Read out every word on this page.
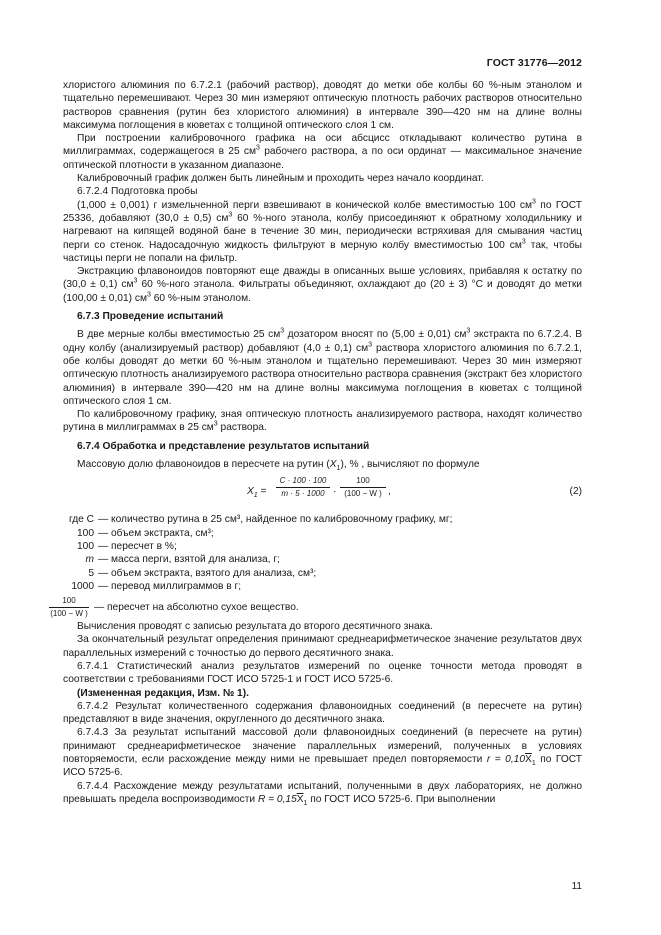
ГОСТ 31776—2012

хлористого алюминия по 6.7.2.1 (рабочий раствор), доводят до метки обе колбы 60 %-ным этанолом и тщательно перемешивают. Через 30 мин измеряют оптическую плотность рабочих растворов относительно растворов сравнения (рутин без хлористого алюминия) в интервале 390—420 нм на длине волны максимума поглощения в кюветах с толщиной оптического слоя 1 см.

При построении калибровочного графика на оси абсцисс откладывают количество рутина в миллиграммах, содержащегося в 25 $см^3$ рабочего раствора, а по оси ординат — максимальное значение оптической плотности в указанном диапазоне.

Калибровочный график должен быть линейным и проходить через начало координат.

6.7.2.4 Подготовка пробы

(1,000 ± 0,001) г измельченной перги взвешивают в конической колбе вместимостью 100 $см^3$ по ГОСТ 25336, добавляют (30,0 ± 0,5) $см^3$ 60 %-ного этанола, колбу присоединяют к обратному холодильнику и нагревают на кипящей водяной бане в течение 30 мин, периодически встряхивая для смывания частиц перги со стенок. Надосадочную жидкость фильтруют в мерную колбу вместимостью 100 $см^3$ так, чтобы частицы перги не попали на фильтр.

Экстракцию флавоноидов повторяют еще дважды в описанных выше условиях, прибавляя к остатку по (30,0 ± 0,1) $см^3$ 60 %-ного этанола. Фильтраты объединяют, охлаждают до (20 ± 3) °C и доводят до метки (100,00 ± 0,01) $см^3$ 60 %-ным этанолом.

6.7.3 Проведение испытаний

В две мерные колбы вместимостью 25 $см^3$ дозатором вносят по (5,00 ± 0,01) $см^3$ экстракта по 6.7.2.4. В одну колбу (анализируемый раствор) добавляют (4,0 ± 0,1) $см^3$ раствора хлористого алюминия по 6.7.2.1, обе колбы доводят до метки 60 %-ным этанолом и тщательно перемешивают. Через 30 мин измеряют оптическую плотность анализируемого раствора относительно раствора сравнения (экстракт без хлористого алюминия) в интервале 390—420 нм на длине волны максимума поглощения в кюветах с толщиной оптического слоя 1 см.

По калибровочному графику, зная оптическую плотность анализируемого раствора, находят количество рутина в миллиграммах в 25 $см^3$ раствора.

6.7.4 Обработка и представление результатов испытаний

Массовую долю флавоноидов в пересчете на рутин $(X_1)$, % , вычисляют по формуле

$X_1 = \frac{C \cdot 100 \cdot 100}{m \cdot 5 \cdot 1000} \cdot \frac{100}{(100 - W )}$ ,	(2)
где C — количество рутина в 25 см³, найденное по калибровочному графику, мг;
100 — объем экстракта, см³;
100 — пересчет в %;
m — масса перги, взятой для анализа, г;
5 — объем экстракта, взятого для анализа, см³;
1000 — перевод миллиграммов в г;
$\frac{100}{(100 - W )}$ — пересчет на абсолютно сухое вещество.

Вычисления проводят с записью результата до второго десятичного знака.

За окончательный результат определения принимают среднеарифметическое значение результатов двух параллельных измерений с точностью до первого десятичного знака.

6.7.4.1 Статистический анализ результатов измерений по оценке точности метода проводят в соответствии с требованиями ГОСТ ИСО 5725-1 и ГОСТ ИСО 5725-6.

(Измененная редакция, Изм. № 1).

6.7.4.2 Результат количественного содержания флавоноидных соединений (в пересчете на рутин) представляют в виде значения, округленного до десятичного знака.

6.7.4.3 За результат испытаний массовой доли флавоноидных соединений (в пересчете на рутин) принимают среднеарифметическое значение параллельных измерений, полученных в условиях повторяемости, если расхождение между ними не превышает предел повторяемости $r = 0,10\overline{X}_1$ по ГОСТ ИСО 5725-6.

6.7.4.4 Расхождение между результатами испытаний, полученными в двух лабораториях, не должно превышать предела воспроизводимости $R = 0,15\overline{X}_1$ по ГОСТ ИСО 5725-6. При выполнении

11
